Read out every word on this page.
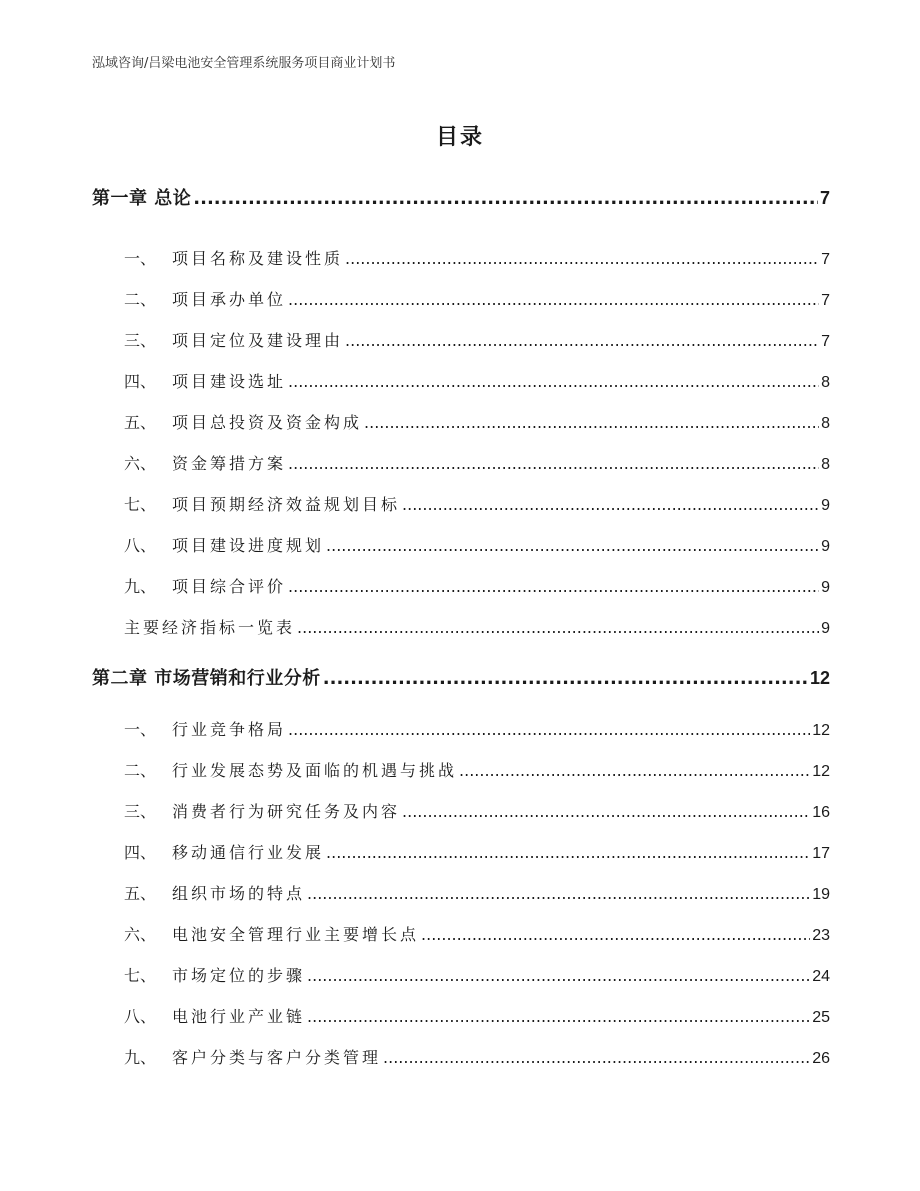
泓域咨询/吕梁电池安全管理系统服务项目商业计划书
目录
第一章 总论 .....	7
一、 项目名称及建设性质 .....	7
二、 项目承办单位 .....	7
三、 项目定位及建设理由 .....	7
四、 项目建设选址 .....	8
五、 项目总投资及资金构成 .....	8
六、 资金筹措方案 .....	8
七、 项目预期经济效益规划目标 .....	9
八、 项目建设进度规划 .....	9
九、 项目综合评价 .....	9
主要经济指标一览表 .....	9
第二章 市场营销和行业分析 .....	12
一、 行业竞争格局 .....	12
二、 行业发展态势及面临的机遇与挑战 .....	12
三、 消费者行为研究任务及内容 .....	16
四、 移动通信行业发展 .....	17
五、 组织市场的特点 .....	19
六、 电池安全管理行业主要增长点 .....	23
七、 市场定位的步骤 .....	24
八、 电池行业产业链 .....	25
九、 客户分类与客户分类管理 .....	26
